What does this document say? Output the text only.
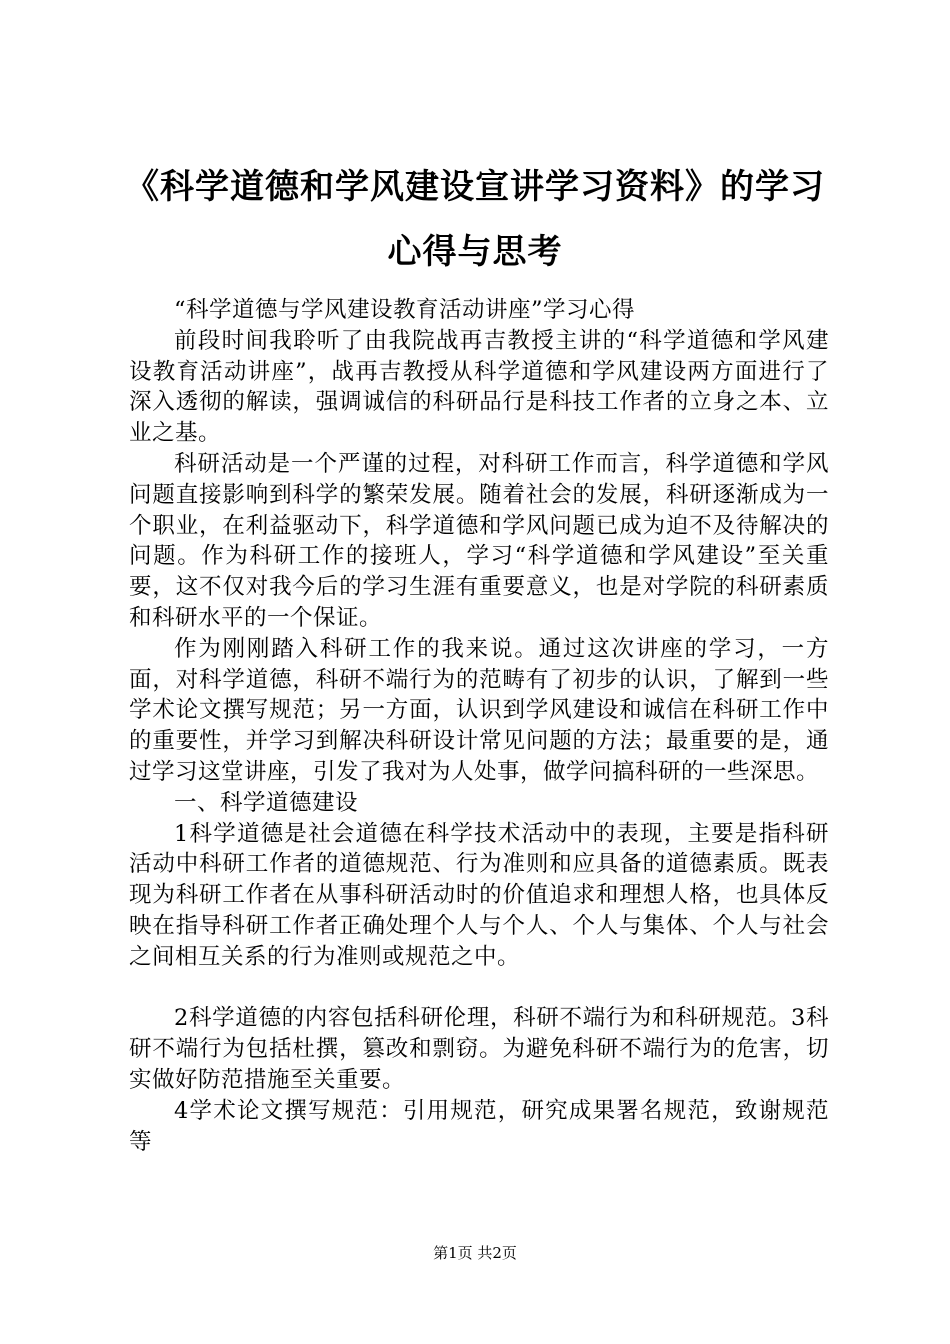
《科学道德和学风建设宣讲学习资料》的学习
心得与思考

“科学道德与学风建设教育活动讲座”学习心得

前段时间我聆听了由我院战再吉教授主讲的“科学道德和学风建设教育活动讲座”，战再吉教授从科学道德和学风建设两方面进行了深入透彻的解读，强调诚信的科研品行是科技工作者的立身之本、立业之基。

科研活动是一个严谨的过程，对科研工作而言，科学道德和学风问题直接影响到科学的繁荣发展。随着社会的发展，科研逐渐成为一个职业，在利益驱动下，科学道德和学风问题已成为迫不及待解决的问题。作为科研工作的接班人，学习“科学道德和学风建设”至关重要，这不仅对我今后的学习生涯有重要意义，也是对学院的科研素质和科研水平的一个保证。

作为刚刚踏入科研工作的我来说。通过这次讲座的学习，一方面，对科学道德，科研不端行为的范畴有了初步的认识，了解到一些学术论文撰写规范；另一方面，认识到学风建设和诚信在科研工作中的重要性，并学习到解决科研设计常见问题的方法；最重要的是，通过学习这堂讲座，引发了我对为人处事，做学问搞科研的一些深思。

一、科学道德建设

1科学道德是社会道德在科学技术活动中的表现，主要是指科研活动中科研工作者的道德规范、行为准则和应具备的道德素质。既表现为科研工作者在从事科研活动时的价值追求和理想人格，也具体反映在指导科研工作者正确处理个人与个人、个人与集体、个人与社会之间相互关系的行为准则或规范之中。

2科学道德的内容包括科研伦理，科研不端行为和科研规范。3科研不端行为包括杜撰，篡改和剽窃。为避免科研不端行为的危害，切实做好防范措施至关重要。

4学术论文撰写规范：引用规范，研究成果署名规范，致谢规范等

第1页 共2页
